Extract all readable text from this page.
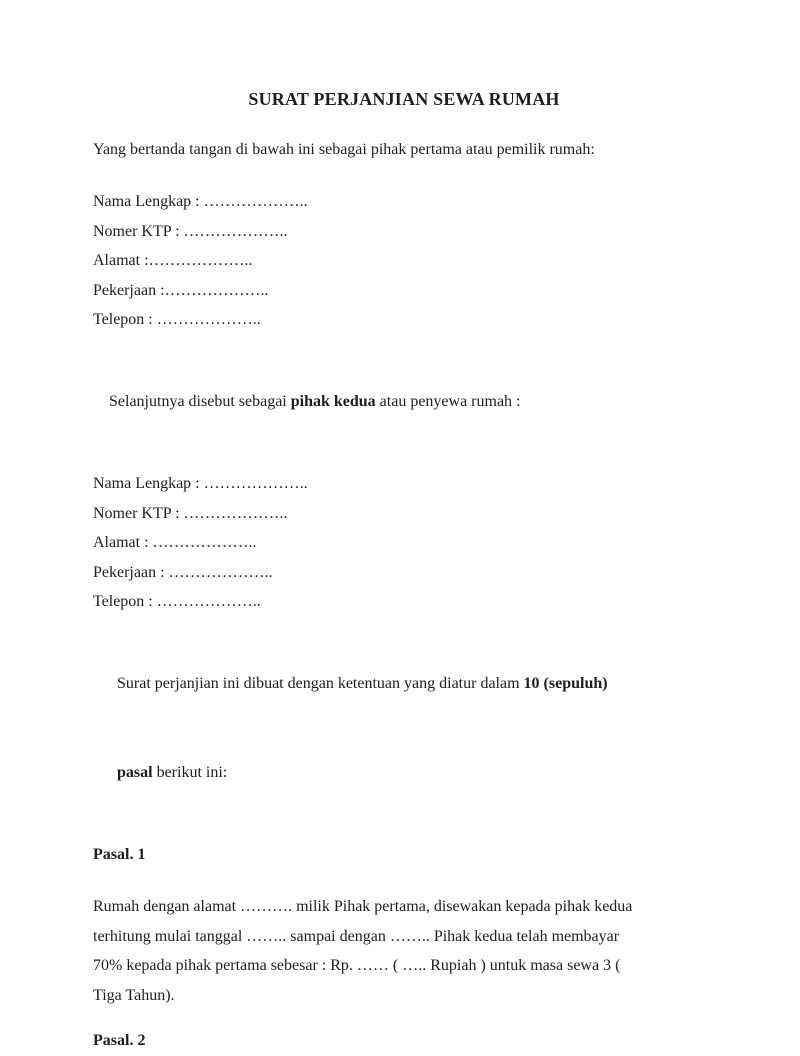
SURAT PERJANJIAN SEWA RUMAH
Yang bertanda tangan di bawah ini sebagai pihak pertama atau pemilik rumah:
Nama Lengkap : ………………..
Nomer KTP : ………………..
Alamat :………………..
Pekerjaan :………………..
Telepon : ………………..

Selanjutnya disebut sebagai pihak kedua atau penyewa rumah :

Nama Lengkap : ………………..
Nomer KTP : ………………..
Alamat : ………………..
Pekerjaan : ………………..
Telepon : ………………..

Surat perjanjian ini dibuat dengan ketentuan yang diatur dalam 10 (sepuluh)

pasal berikut ini:

Pasal. 1
Rumah dengan alamat ………. milik Pihak pertama, disewakan kepada pihak kedua
terhitung mulai tanggal …….. sampai dengan …….. Pihak kedua telah membayar
70% kepada pihak pertama sebesar : Rp. …… ( ….. Rupiah ) untuk masa sewa 3 (
Tiga Tahun).
Pasal. 2
